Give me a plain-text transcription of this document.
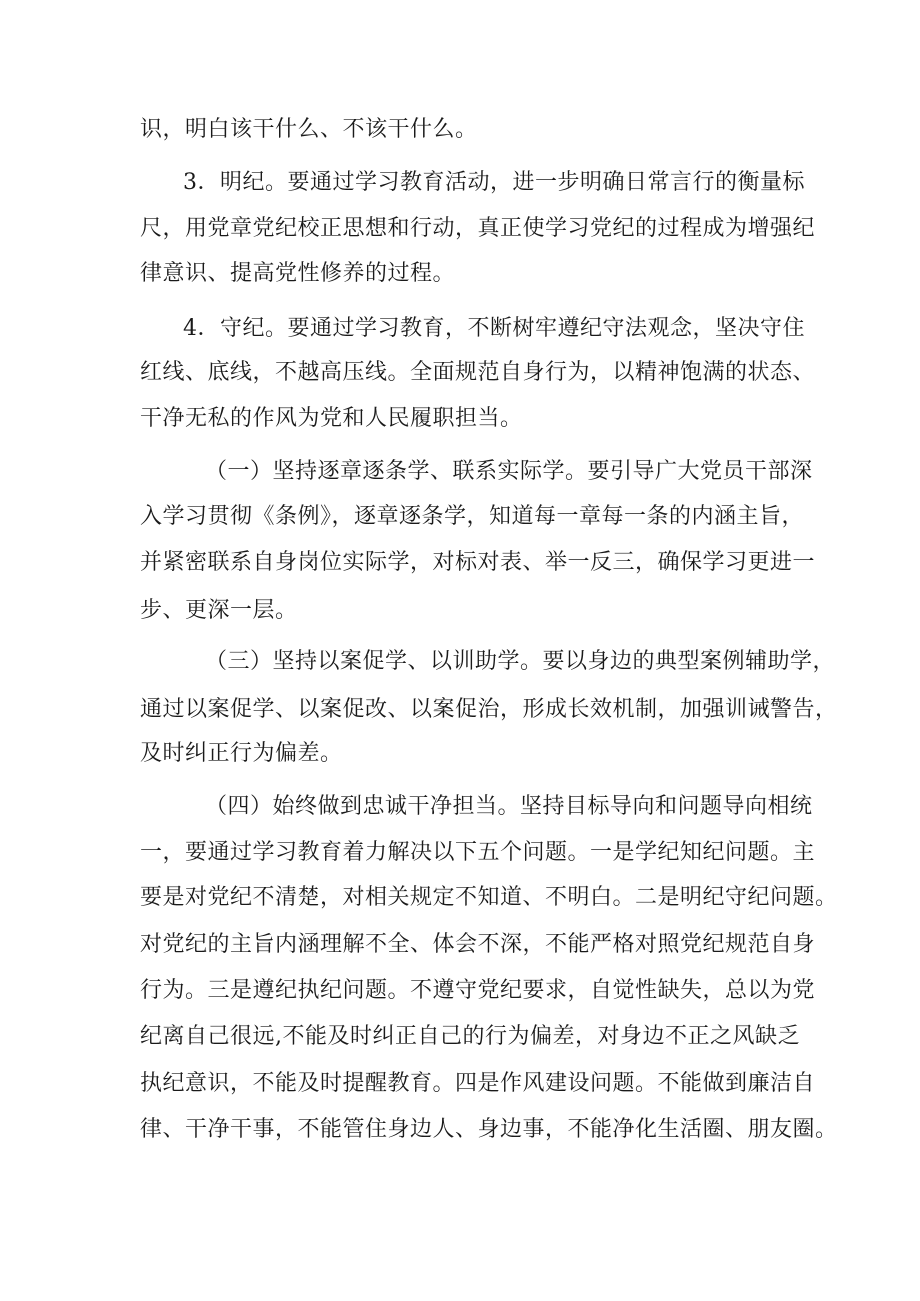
识，明白该干什么、不该干什么。
3．明纪。要通过学习教育活动，进一步明确日常言行的衡量标
尺，用党章党纪校正思想和行动，真正使学习党纪的过程成为增强纪
律意识、提高党性修养的过程。
4．守纪。要通过学习教育，不断树牢遵纪守法观念，坚决守住
红线、底线，不越高压线。全面规范自身行为，以精神饱满的状态、
干净无私的作风为党和人民履职担当。
（一）坚持逐章逐条学、联系实际学。要引导广大党员干部深
入学习贯彻《条例》，逐章逐条学，知道每一章每一条的内涵主旨，
并紧密联系自身岗位实际学，对标对表、举一反三，确保学习更进一
步、更深一层。
（三）坚持以案促学、以训助学。要以身边的典型案例辅助学，
通过以案促学、以案促改、以案促治，形成长效机制，加强训诫警告，
及时纠正行为偏差。
（四）始终做到忠诚干净担当。坚持目标导向和问题导向相统
一，要通过学习教育着力解决以下五个问题。一是学纪知纪问题。主
要是对党纪不清楚，对相关规定不知道、不明白。二是明纪守纪问题。
对党纪的主旨内涵理解不全、体会不深，不能严格对照党纪规范自身
行为。三是遵纪执纪问题。不遵守党纪要求，自觉性缺失，总以为党
纪离自己很远,不能及时纠正自己的行为偏差，对身边不正之风缺乏
执纪意识，不能及时提醒教育。四是作风建设问题。不能做到廉洁自
律、干净干事，不能管住身边人、身边事，不能净化生活圈、朋友圈。
